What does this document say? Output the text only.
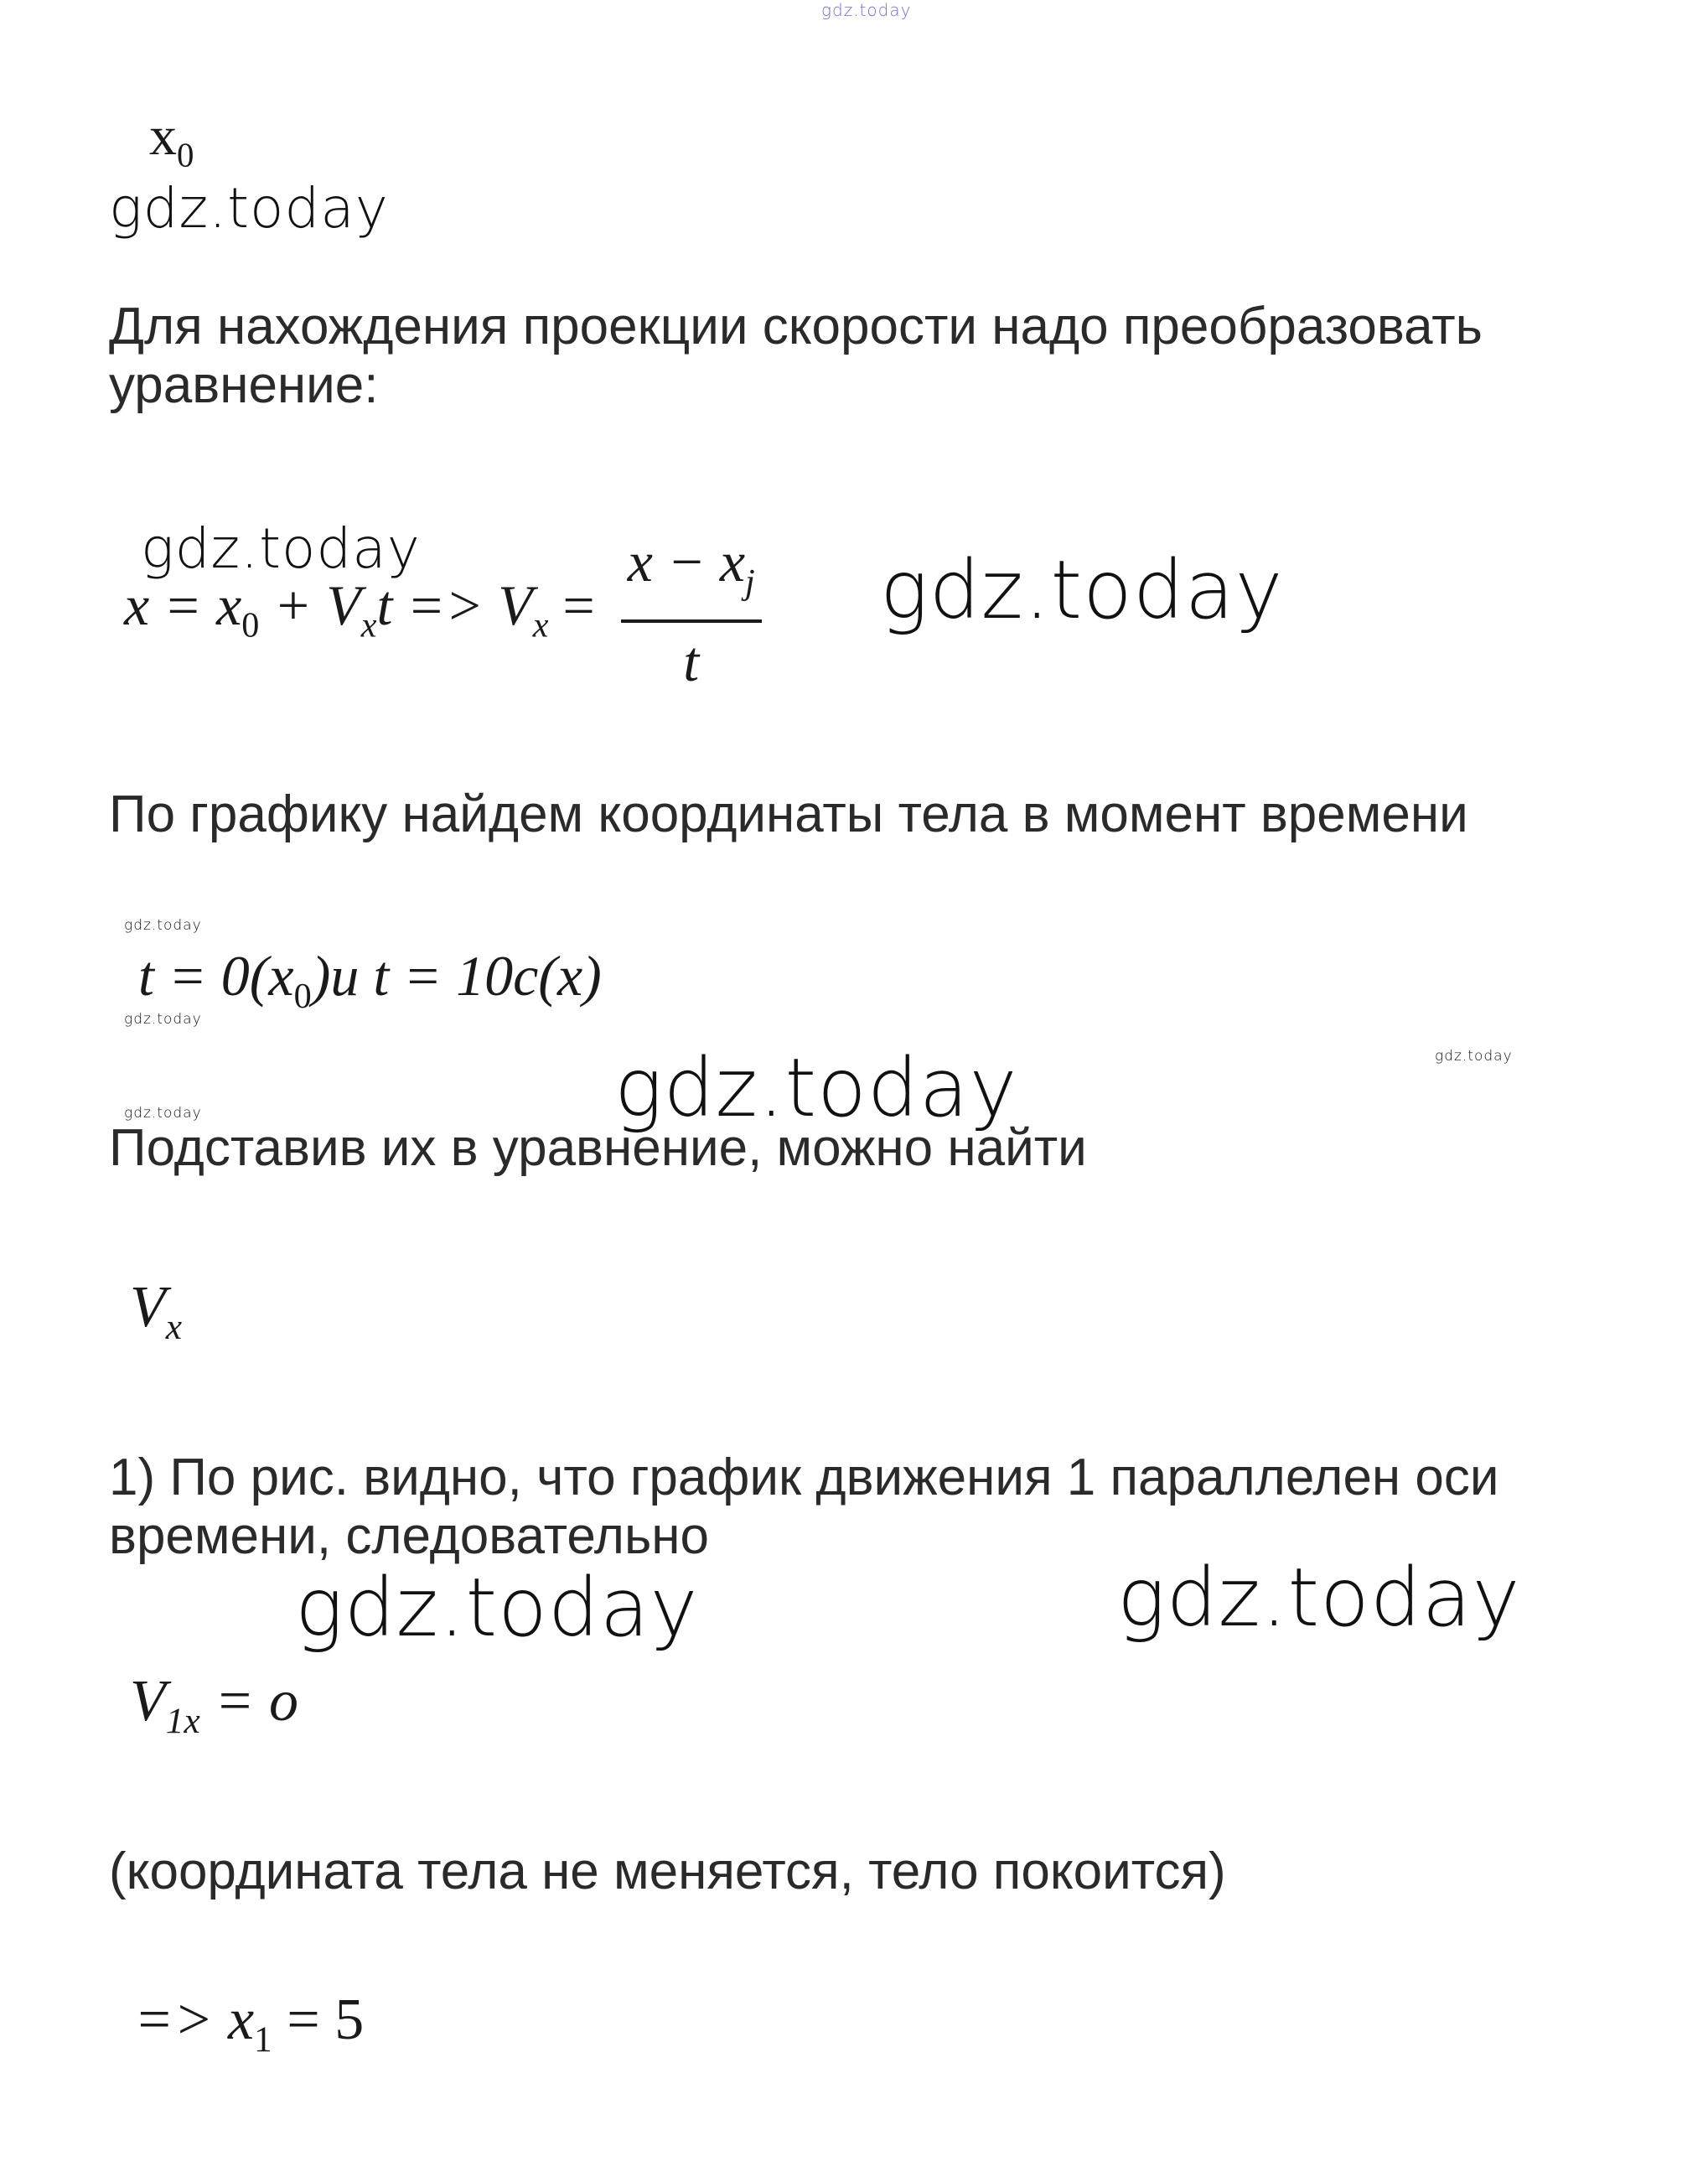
gdz.today
$x_0$
gdz.today
Для нахождения проекции скорости надо преобразовать
уравнение:
gdz.today
$x = x_0 + V_xt => V_x = \frac{x - x_j}{t}$ gdz.today
По графику найдем координаты тела в момент времени
gdz.today
$t = 0(x_0)и$ t = 10c(x)
gdz.today
gdz.today
gdz.today
gdz.today
Подставив их в уравнение, можно найти
$V_x$
1) По рис. видно, что график движения 1 параллелен оси
времени, следовательно
gdz.today	gdz.today
$V_{1x} = o$
(координата тела не меняется, тело покоится)
=> $x_1 = 5$
